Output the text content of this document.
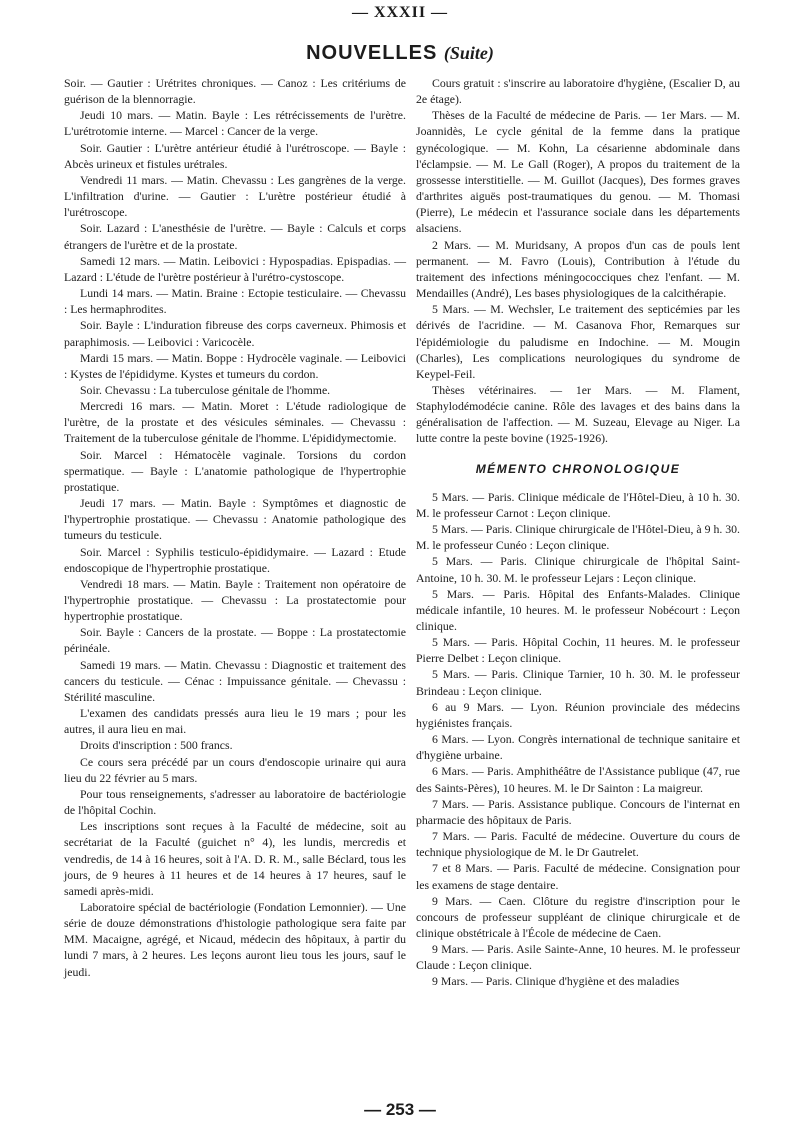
— XXXII —
NOUVELLES (Suite)

Soir. — Gautier : Urétrites chroniques. — Canoz : Les critériums de guérison de la blennorragie.

Jeudi 10 mars. — Matin. Bayle : Les rétrécissements de l'urètre. L'urétrotomie interne. — Marcel : Cancer de la verge.

Soir. Gautier : L'urètre antérieur étudié à l'urétroscope. — Bayle : Abcès urineux et fistules urétrales.

Vendredi 11 mars. — Matin. Chevassu : Les gangrènes de la verge. L'infiltration d'urine. — Gautier : L'urètre postérieur étudié à l'urétroscope.

Soir. Lazard : L'anesthésie de l'urètre. — Bayle : Calculs et corps étrangers de l'urètre et de la prostate.

Samedi 12 mars. — Matin. Leibovici : Hypospadias. Epispadias. — Lazard : L'étude de l'urètre postérieur à l'urétro-cystoscope.

Lundi 14 mars. — Matin. Braine : Ectopie testiculaire. — Chevassu : Les hermaphrodites.

Soir. Bayle : L'induration fibreuse des corps caverneux. Phimosis et paraphimosis. — Leibovici : Varicocèle.

Mardi 15 mars. — Matin. Boppe : Hydrocèle vaginale. — Leibovici : Kystes de l'épididyme. Kystes et tumeurs du cordon.

Soir. Chevassu : La tuberculose génitale de l'homme.

Mercredi 16 mars. — Matin. Moret : L'étude radiologique de l'urètre, de la prostate et des vésicules séminales. — Chevassu : Traitement de la tuberculose génitale de l'homme. L'épididymectomie.

Soir. Marcel : Hématocèle vaginale. Torsions du cordon spermatique. — Bayle : L'anatomie pathologique de l'hypertrophie prostatique.

Jeudi 17 mars. — Matin. Bayle : Symptômes et diagnostic de l'hypertrophie prostatique. — Chevassu : Anatomie pathologique des tumeurs du testicule.

Soir. Marcel : Syphilis testiculo-épididymaire. — Lazard : Etude endoscopique de l'hypertrophie prostatique.

Vendredi 18 mars. — Matin. Bayle : Traitement non opératoire de l'hypertrophie prostatique. — Chevassu : La prostatectomie pour hypertrophie prostatique.

Soir. Bayle : Cancers de la prostate. — Boppe : La prostatectomie périnéale.

Samedi 19 mars. — Matin. Chevassu : Diagnostic et traitement des cancers du testicule. — Cénac : Impuissance génitale. — Chevassu : Stérilité masculine.

L'examen des candidats pressés aura lieu le 19 mars ; pour les autres, il aura lieu en mai.

Droits d'inscription : 500 francs.

Ce cours sera précédé par un cours d'endoscopie urinaire qui aura lieu du 22 février au 5 mars.

Pour tous renseignements, s'adresser au laboratoire de bactériologie de l'hôpital Cochin.

Les inscriptions sont reçues à la Faculté de médecine, soit au secrétariat de la Faculté (guichet n° 4), les lundis, mercredis et vendredis, de 14 à 16 heures, soit à l'A. D. R. M., salle Béclard, tous les jours, de 9 heures à 11 heures et de 14 heures à 17 heures, sauf le samedi après-midi.

Laboratoire spécial de bactériologie (Fondation Lemonnier). — Une série de douze démonstrations d'histologie pathologique sera faite par MM. Macaigne, agrégé, et Nicaud, médecin des hôpitaux, à partir du lundi 7 mars, à 2 heures. Les leçons auront lieu tous les jours, sauf le jeudi.

Cours gratuit : s'inscrire au laboratoire d'hygiène, (Escalier D, au 2e étage).

Thèses de la Faculté de médecine de Paris. — 1er Mars. — M. Joannidès, Le cycle génital de la femme dans la pratique gynécologique. — M. Kohn, La césarienne abdominale dans l'éclampsie. — M. Le Gall (Roger), A propos du traitement de la grossesse interstitielle. — M. Guillot (Jacques), Des formes graves d'arthrites aiguës post-traumatiques du genou. — M. Thomasi (Pierre), Le médecin et l'assurance sociale dans les départements alsaciens.

2 Mars. — M. Muridsany, A propos d'un cas de pouls lent permanent. — M. Favro (Louis), Contribution à l'étude du traitement des infections méningococciques chez l'enfant. — M. Mendailles (André), Les bases physiologiques de la calcithérapie.

5 Mars. — M. Wechsler, Le traitement des septicémies par les dérivés de l'acridine. — M. Casanova Fhor, Remarques sur l'épidémiologie du paludisme en Indochine. — M. Mougin (Charles), Les complications neurologiques du syndrome de Keypel-Feil.

Thèses vétérinaires. — 1er Mars. — M. Flament, Staphylodémodécie canine. Rôle des lavages et des bains dans la généralisation de l'affection. — M. Suzeau, Elevage au Niger. La lutte contre la peste bovine (1925-1926).

MÉMENTO CHRONOLOGIQUE

5 Mars. — Paris. Clinique médicale de l'Hôtel-Dieu, à 10 h. 30. M. le professeur Carnot : Leçon clinique.

5 Mars. — Paris. Clinique chirurgicale de l'Hôtel-Dieu, à 9 h. 30. M. le professeur Cunéo : Leçon clinique.

5 Mars. — Paris. Clinique chirurgicale de l'hôpital Saint-Antoine, 10 h. 30. M. le professeur Lejars : Leçon clinique.

5 Mars. — Paris. Hôpital des Enfants-Malades. Clinique médicale infantile, 10 heures. M. le professeur Nobécourt : Leçon clinique.

5 Mars. — Paris. Hôpital Cochin, 11 heures. M. le professeur Pierre Delbet : Leçon clinique.

5 Mars. — Paris. Clinique Tarnier, 10 h. 30. M. le professeur Brindeau : Leçon clinique.

6 au 9 Mars. — Lyon. Réunion provinciale des médecins hygiénistes français.

6 Mars. — Lyon. Congrès international de technique sanitaire et d'hygiène urbaine.

6 Mars. — Paris. Amphithéâtre de l'Assistance publique (47, rue des Saints-Pères), 10 heures. M. le Dr Sainton : La maigreur.

7 Mars. — Paris. Assistance publique. Concours de l'internat en pharmacie des hôpitaux de Paris.

7 Mars. — Paris. Faculté de médecine. Ouverture du cours de technique physiologique de M. le Dr Gautrelet.

7 et 8 Mars. — Paris. Faculté de médecine. Consignation pour les examens de stage dentaire.

9 Mars. — Caen. Clôture du registre d'inscription pour le concours de professeur suppléant de clinique chirurgicale et de clinique obstétricale à l'École de médecine de Caen.

9 Mars. — Paris. Asile Sainte-Anne, 10 heures. M. le professeur Claude : Leçon clinique.

9 Mars. — Paris. Clinique d'hygiène et des maladies

— 253 —
